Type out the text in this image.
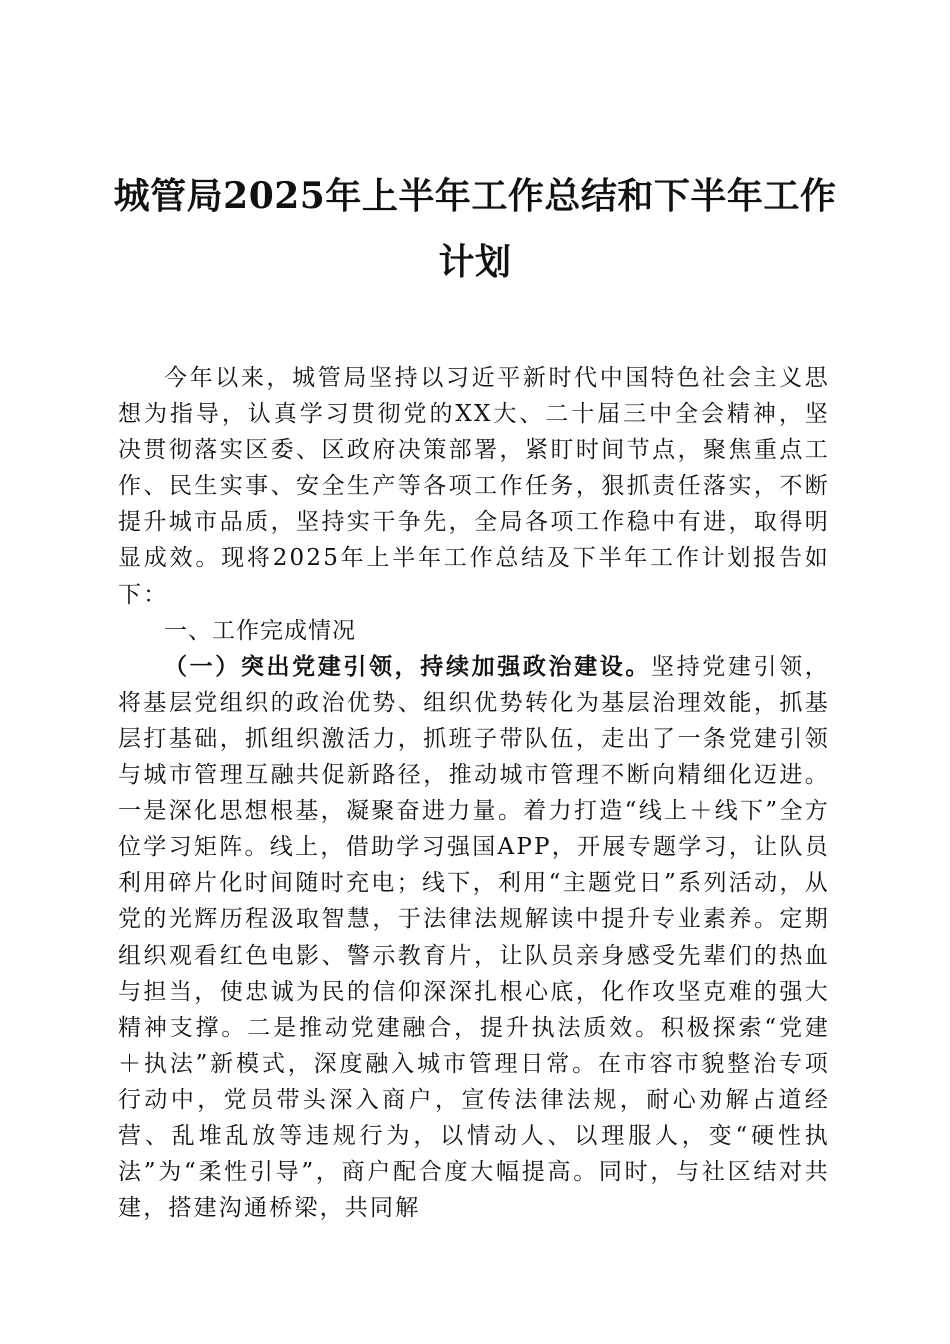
城管局2025年上半年工作总结和下半年工作
计划

今年以来，城管局坚持以习近平新时代中国特色社会主义思想为指导，认真学习贯彻党的XX大、二十届三中全会精神，坚决贯彻落实区委、区政府决策部署，紧盯时间节点，聚焦重点工作、民生实事、安全生产等各项工作任务，狠抓责任落实，不断提升城市品质，坚持实干争先，全局各项工作稳中有进，取得明显成效。现将2025年上半年工作总结及下半年工作计划报告如下：

一、工作完成情况

（一）突出党建引领，持续加强政治建设。坚持党建引领，将基层党组织的政治优势、组织优势转化为基层治理效能，抓基层打基础，抓组织激活力，抓班子带队伍，走出了一条党建引领与城市管理互融共促新路径，推动城市管理不断向精细化迈进。一是深化思想根基，凝聚奋进力量。着力打造“线上＋线下”全方位学习矩阵。线上，借助学习强国APP，开展专题学习，让队员利用碎片化时间随时充电；线下，利用“主题党日”系列活动，从党的光辉历程汲取智慧，于法律法规解读中提升专业素养。定期组织观看红色电影、警示教育片，让队员亲身感受先辈们的热血与担当，使忠诚为民的信仰深深扎根心底，化作攻坚克难的强大精神支撑。二是推动党建融合，提升执法质效。积极探索“党建＋执法”新模式，深度融入城市管理日常。在市容市貌整治专项行动中，党员带头深入商户，宣传法律法规，耐心劝解占道经营、乱堆乱放等违规行为，以情动人、以理服人，变“硬性执法”为“柔性引导”，商户配合度大幅提高。同时，与社区结对共建，搭建沟通桥梁，共同解
